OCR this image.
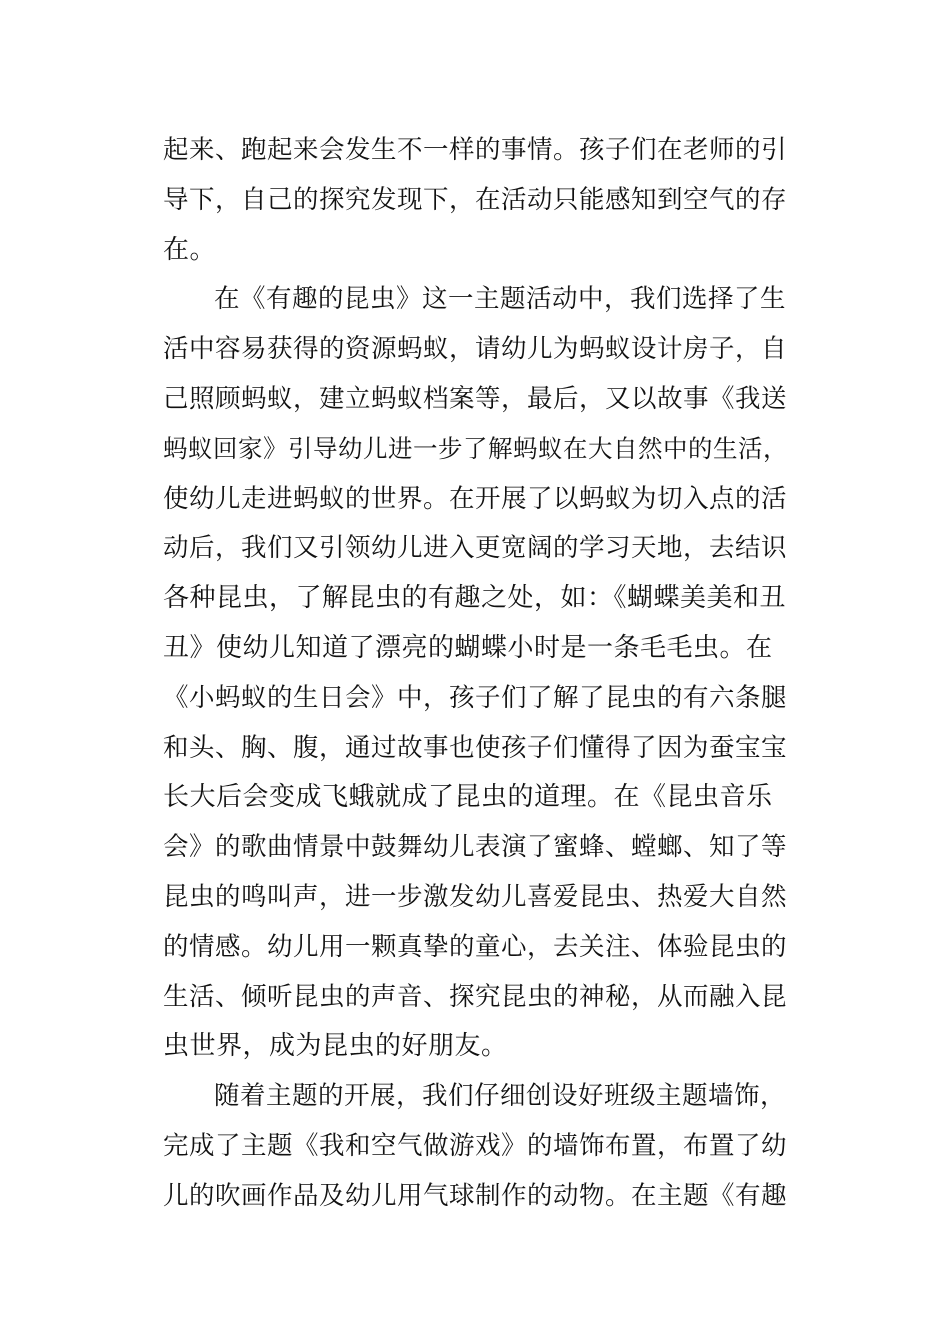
起来、跑起来会发生不一样的事情。孩子们在老师的引

导下，自己的探究发现下，在活动只能感知到空气的存

在。

在《有趣的昆虫》这一主题活动中，我们选择了生

活中容易获得的资源蚂蚁，请幼儿为蚂蚁设计房子，自

己照顾蚂蚁，建立蚂蚁档案等，最后，又以故事《我送

蚂蚁回家》引导幼儿进一步了解蚂蚁在大自然中的生活，

使幼儿走进蚂蚁的世界。在开展了以蚂蚁为切入点的活

动后，我们又引领幼儿进入更宽阔的学习天地，去结识

各种昆虫，了解昆虫的有趣之处，如：《蝴蝶美美和丑

丑》使幼儿知道了漂亮的蝴蝶小时是一条毛毛虫。在

《小蚂蚁的生日会》中，孩子们了解了昆虫的有六条腿

和头、胸、腹，通过故事也使孩子们懂得了因为蚕宝宝

长大后会变成飞蛾就成了昆虫的道理。在《昆虫音乐

会》的歌曲情景中鼓舞幼儿表演了蜜蜂、螳螂、知了等

昆虫的鸣叫声，进一步激发幼儿喜爱昆虫、热爱大自然

的情感。幼儿用一颗真挚的童心，去关注、体验昆虫的

生活、倾听昆虫的声音、探究昆虫的神秘，从而融入昆

虫世界，成为昆虫的好朋友。

随着主题的开展，我们仔细创设好班级主题墙饰，

完成了主题《我和空气做游戏》的墙饰布置，布置了幼

儿的吹画作品及幼儿用气球制作的动物。在主题《有趣
